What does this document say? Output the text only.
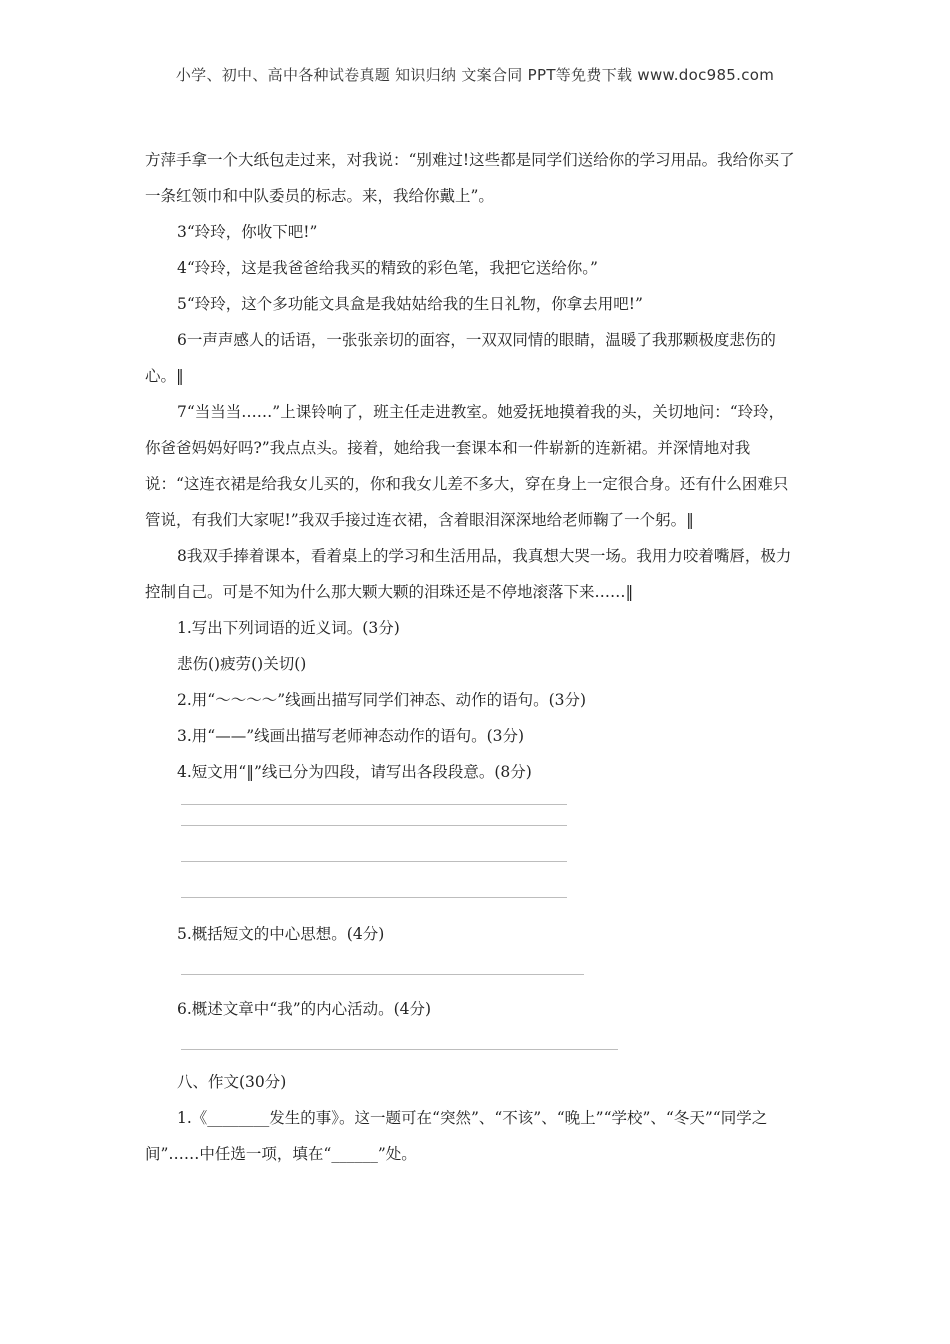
小学、初中、高中各种试卷真题 知识归纳 文案合同 PPT等免费下载 www.doc985.com

方萍手拿一个大纸包走过来，对我说：“别难过!这些都是同学们送给你的学习用品。我给你买了一条红领巾和中队委员的标志。来，我给你戴上”。

3“玲玲，你收下吧!”

4“玲玲，这是我爸爸给我买的精致的彩色笔，我把它送给你。”

5“玲玲，这个多功能文具盒是我姑姑给我的生日礼物，你拿去用吧!”

6一声声感人的话语，一张张亲切的面容，一双双同情的眼睛，温暖了我那颗极度悲伤的心。‖

7“当当当……”上课铃响了，班主任走进教室。她爱抚地摸着我的头，关切地问：“玲玲，你爸爸妈妈好吗?”我点点头。接着，她给我一套课本和一件崭新的连新裙。并深情地对我说：“这连衣裙是给我女儿买的，你和我女儿差不多大，穿在身上一定很合身。还有什么困难只管说，有我们大家呢!”我双手接过连衣裙，含着眼泪深深地给老师鞠了一个躬。‖

8我双手捧着课本，看着桌上的学习和生活用品，我真想大哭一场。我用力咬着嘴唇，极力控制自己。可是不知为什么那大颗大颗的泪珠还是不停地滚落下来……‖

1.写出下列词语的近义词。(3分)

悲伤()疲劳()关切()

2.用“～～～～”线画出描写同学们神态、动作的语句。(3分)

3.用“——”线画出描写老师神态动作的语句。(3分)

4.短文用“‖”线已分为四段，请写出各段段意。(8分)

5.概括短文的中心思想。(4分)

6.概述文章中“我”的内心活动。(4分)

八、作文(30分)

1.《________发生的事》。这一题可在“突然”、“不该”、“晚上”“学校”、“冬天”“同学之间”……中任选一项，填在“______”处。
